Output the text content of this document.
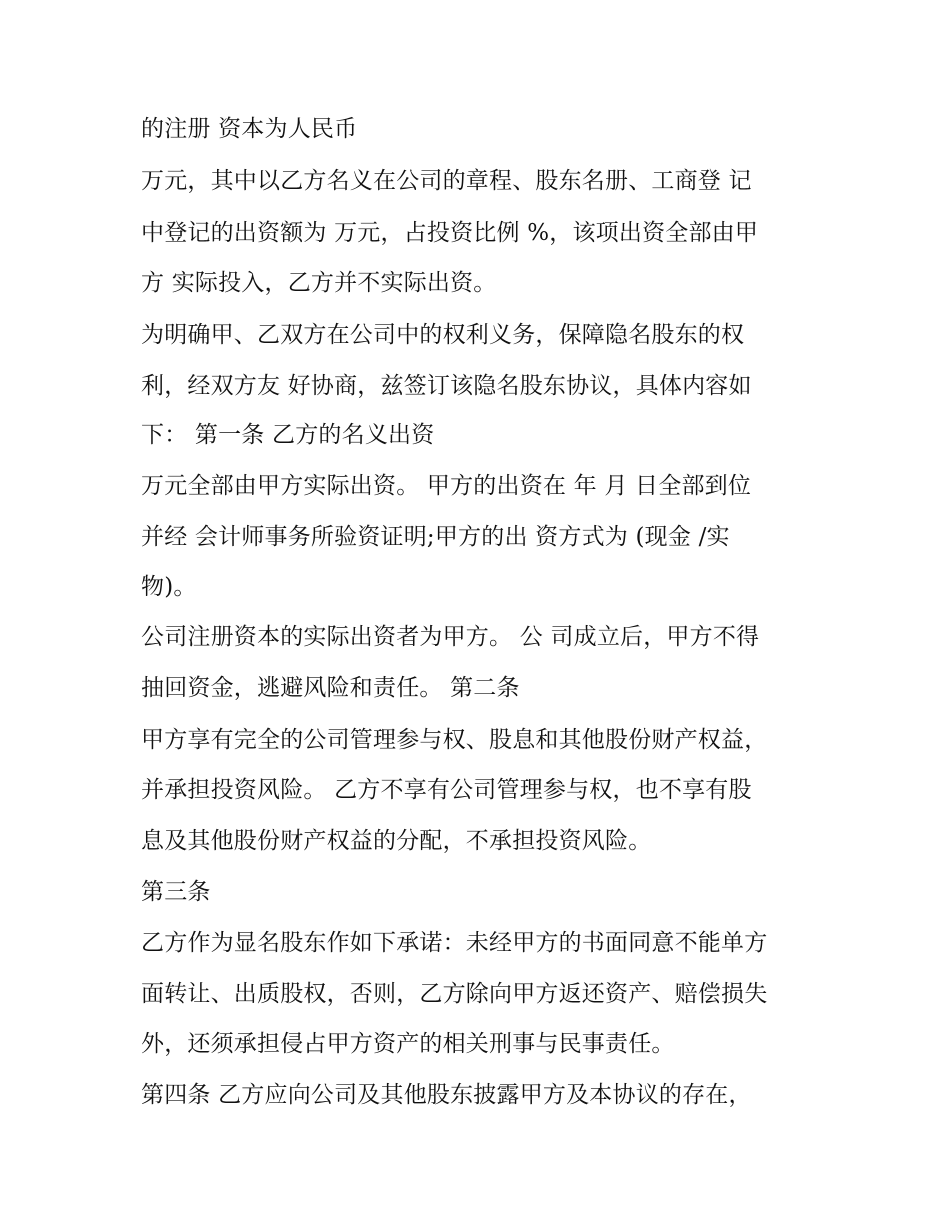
的注册 资本为人民币
万元，其中以乙方名义在公司的章程、股东名册、工商登 记
中登记的出资额为 万元，占投资比例 %，该项出资全部由甲
方 实际投入，乙方并不实际出资。
为明确甲、乙双方在公司中的权利义务，保障隐名股东的权
利，经双方友 好协商，兹签订该隐名股东协议，具体内容如
下： 第一条 乙方的名义出资
万元全部由甲方实际出资。 甲方的出资在 年 月 日全部到位
并经 会计师事务所验资证明;甲方的出 资方式为 (现金 /实
物)。
公司注册资本的实际出资者为甲方。 公 司成立后，甲方不得
抽回资金，逃避风险和责任。 第二条
甲方享有完全的公司管理参与权、股息和其他股份财产权益，
并承担投资风险。 乙方不享有公司管理参与权，也不享有股
息及其他股份财产权益的分配，不承担投资风险。
第三条
乙方作为显名股东作如下承诺：未经甲方的书面同意不能单方
面转让、出质股权，否则，乙方除向甲方返还资产、赔偿损失
外，还须承担侵占甲方资产的相关刑事与民事责任。
第四条 乙方应向公司及其他股东披露甲方及本协议的存在，
